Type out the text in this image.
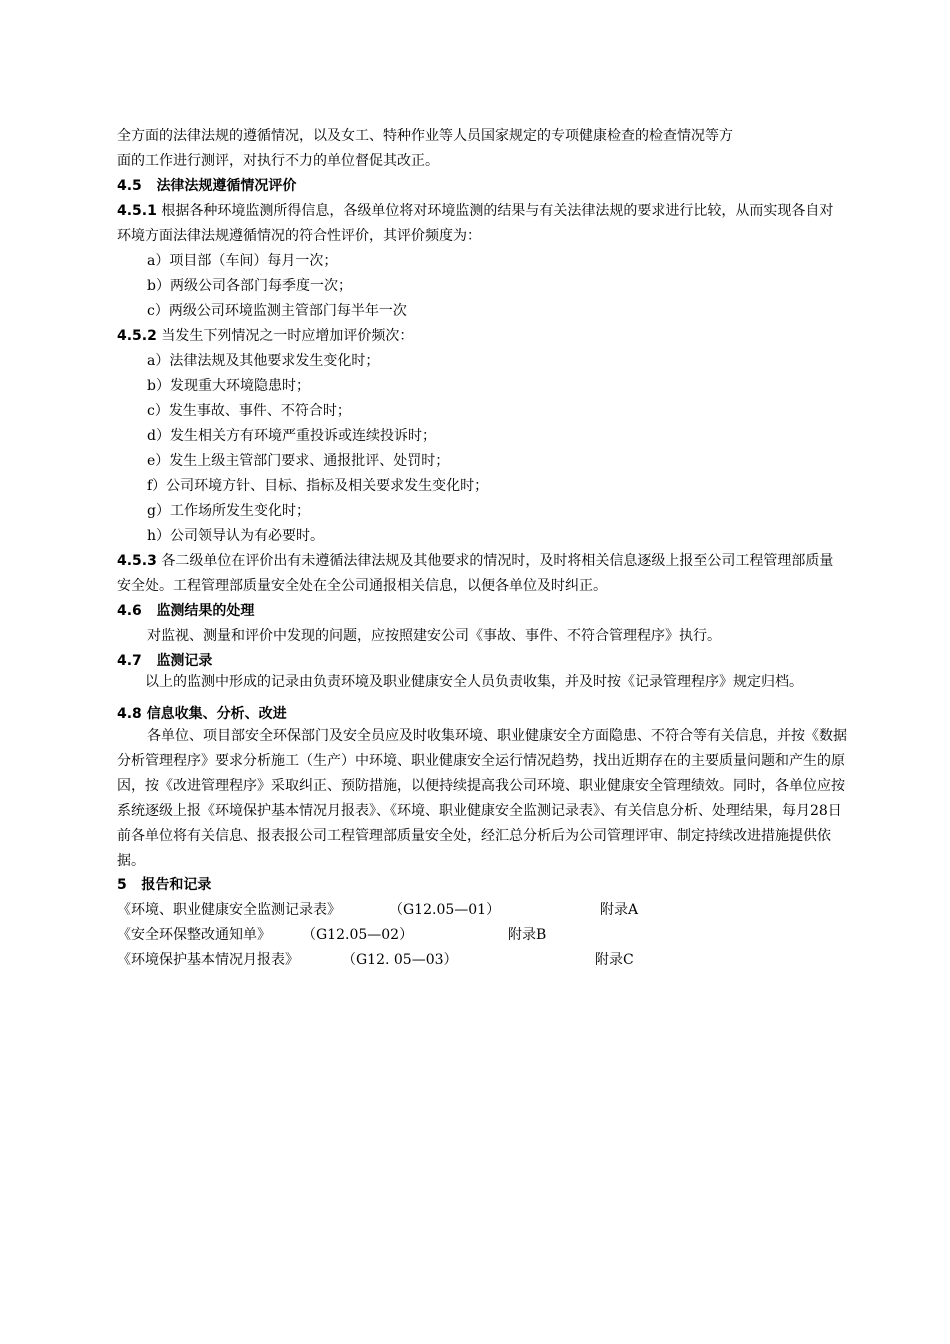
全方面的法律法规的遵循情况，以及女工、特种作业等人员国家规定的专项健康检查的检查情况等方

面的工作进行测评，对执行不力的单位督促其改正。

4.5 法律法规遵循情况评价

4.5.1 根据各种环境监测所得信息，各级单位将对环境监测的结果与有关法律法规的要求进行比较，从而实现各自对环境方面法律法规遵循情况的符合性评价，其评价频度为：

a）项目部（车间）每月一次；

b）两级公司各部门每季度一次；

c）两级公司环境监测主管部门每半年一次

4.5.2 当发生下列情况之一时应增加评价频次：

a）法律法规及其他要求发生变化时；

b）发现重大环境隐患时；

c）发生事故、事件、不符合时；

d）发生相关方有环境严重投诉或连续投诉时；

e）发生上级主管部门要求、通报批评、处罚时；

f）公司环境方针、目标、指标及相关要求发生变化时；

g）工作场所发生变化时；

h）公司领导认为有必要时。

4.5.3 各二级单位在评价出有未遵循法律法规及其他要求的情况时，及时将相关信息逐级上报至公司工程管理部质量安全处。工程管理部质量安全处在全公司通报相关信息，以便各单位及时纠正。

4.6 监测结果的处理

对监视、测量和评价中发现的问题，应按照建安公司《事故、事件、不符合管理程序》执行。

4.7 监测记录

以上的监测中形成的记录由负责环境及职业健康安全人员负责收集，并及时按《记录管理程序》规定归档。

4.8 信息收集、分析、改进

各单位、项目部安全环保部门及安全员应及时收集环境、职业健康安全方面隐患、不符合等有关信息，并按《数据分析管理程序》要求分析施工（生产）中环境、职业健康安全运行情况趋势，找出近期存在的主要质量问题和产生的原因，按《改进管理程序》采取纠正、预防措施，以便持续提高我公司环境、职业健康安全管理绩效。同时，各单位应按系统逐级上报《环境保护基本情况月报表》、《环境、职业健康安全监测记录表》、有关信息分析、处理结果，每月28日前各单位将有关信息、报表报公司工程管理部质量安全处，经汇总分析后为公司管理评审、制定持续改进措施提供依据。

5 报告和记录

《环境、职业健康安全监测记录表》	（G12.05—01）	附录A
《安全环保整改通知单》 （G12.05—02）	附录B
《环境保护基本情况月报表》	（G12. 05—03）	附录C
